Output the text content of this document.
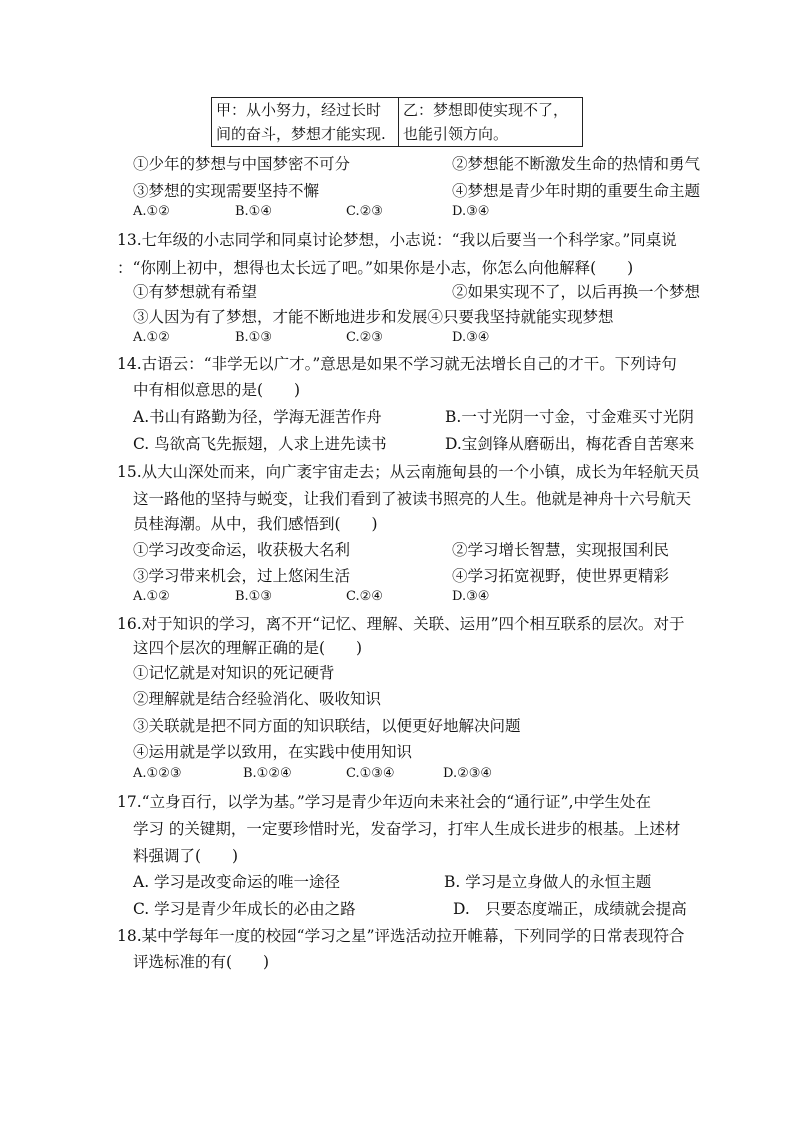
甲：从小努力，经过长时
间的奋斗，梦想才能实现.

乙：梦想即使实现不了，
也能引领方向。
①少年的梦想与中国梦密不可分	②梦想能不断激发生命的热情和勇气
③梦想的实现需要坚持不懈	④梦想是青少年时期的重要生命主题
A.①②	B.①④	C.②③	D.③④
13.七年级的小志同学和同桌讨论梦想，小志说：“我以后要当一个科学家。”同桌说
：“你刚上初中，想得也太长远了吧。”如果你是小志，你怎么向他解释(　　)
①有梦想就有希望	②如果实现不了，以后再换一个梦想
③人因为有了梦想，才能不断地进步和发展④只要我坚持就能实现梦想
A.①②	B.①③	C.②③	D.③④
14.古语云：“非学无以广才。”意思是如果不学习就无法增长自己的才干。下列诗句
中有相似意思的是(　　)
A.书山有路勤为径，学海无涯苦作舟	B.一寸光阴一寸金，寸金难买寸光阴
C. 鸟欲高飞先振翅，人求上进先读书	D.宝剑锋从磨砺出，梅花香自苦寒来
15.从大山深处而来，向广袤宇宙走去；从云南施甸县的一个小镇，成长为年轻航天员
这一路他的坚持与蜕变，让我们看到了被读书照亮的人生。他就是神舟十六号航天
员桂海潮。从中，我们感悟到(　　)
①学习改变命运，收获极大名利	②学习增长智慧，实现报国利民
③学习带来机会，过上悠闲生活	④学习拓宽视野，使世界更精彩
A.①②	B.①③	C.②④	D.③④
16.对于知识的学习，离不开“记忆、理解、关联、运用”四个相互联系的层次。对于
这四个层次的理解正确的是(　　)
①记忆就是对知识的死记硬背
②理解就是结合经验消化、吸收知识
③关联就是把不同方面的知识联结，以便更好地解决问题
④运用就是学以致用，在实践中使用知识
A.①②③	B.①②④	C.①③④	D.②③④
17.“立身百行，以学为基。”学习是青少年迈向未来社会的“通行证”,中学生处在
学习 的关键期，一定要珍惜时光，发奋学习，打牢人生成长进步的根基。上述材
料强调了(　　)
A. 学习是改变命运的唯一途径	B. 学习是立身做人的永恒主题
C. 学习是青少年成长的必由之路	D.　只要态度端正，成绩就会提高
18.某中学每年一度的校园“学习之星”评选活动拉开帷幕，下列同学的日常表现符合
评选标准的有(　　)
